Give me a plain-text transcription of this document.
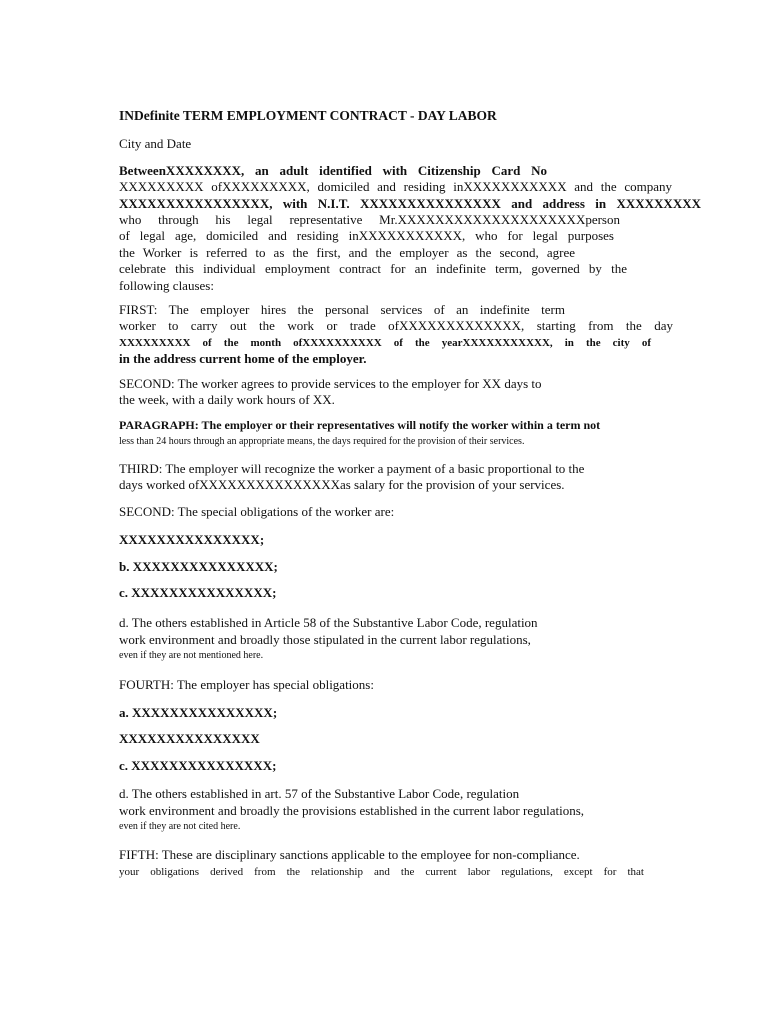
INDefinite TERM EMPLOYMENT CONTRACT - DAY LABOR
City and Date
BetweenXXXXXXXX, an adult identified with Citizenship Card No
XXXXXXXXX ofXXXXXXXXX, domiciled and residing inXXXXXXXXXXX and the company
XXXXXXXXXXXXXXXX, with N.I.T. XXXXXXXXXXXXXXX and address in XXXXXXXXX
who through his legal representative Mr.XXXXXXXXXXXXXXXXXXXXperson
of legal age, domiciled and residing inXXXXXXXXXXX, who for legal purposes
the Worker is referred to as the first, and the employer as the second, agree
celebrate this individual employment contract for an indefinite term, governed by the
following clauses:
FIRST: The employer hires the personal services of an indefinite term
worker to carry out the work or trade ofXXXXXXXXXXXXX, starting from the day
XXXXXXXXX of the month ofXXXXXXXXXX of the yearXXXXXXXXXXX, in the city of
in the address current home of the employer.
SECOND: The worker agrees to provide services to the employer for XX days to
the week, with a daily work hours of XX.
PARAGRAPH: The employer or their representatives will notify the worker within a term not
less than 24 hours through an appropriate means, the days required for the provision of their services.
THIRD: The employer will recognize the worker a payment of a basic proportional to the
days worked ofXXXXXXXXXXXXXXXas salary for the provision of your services.
SECOND: The special obligations of the worker are:
XXXXXXXXXXXXXXX;
b. XXXXXXXXXXXXXXX;
c. XXXXXXXXXXXXXXX;
d. The others established in Article 58 of the Substantive Labor Code, regulation
work environment and broadly those stipulated in the current labor regulations,
even if they are not mentioned here.
FOURTH: The employer has special obligations:
a. XXXXXXXXXXXXXXX;
XXXXXXXXXXXXXXX
c. XXXXXXXXXXXXXXX;
d. The others established in art. 57 of the Substantive Labor Code, regulation
work environment and broadly the provisions established in the current labor regulations,
even if they are not cited here.
FIFTH: These are disciplinary sanctions applicable to the employee for non-compliance.
your obligations derived from the relationship and the current labor regulations, except for that
